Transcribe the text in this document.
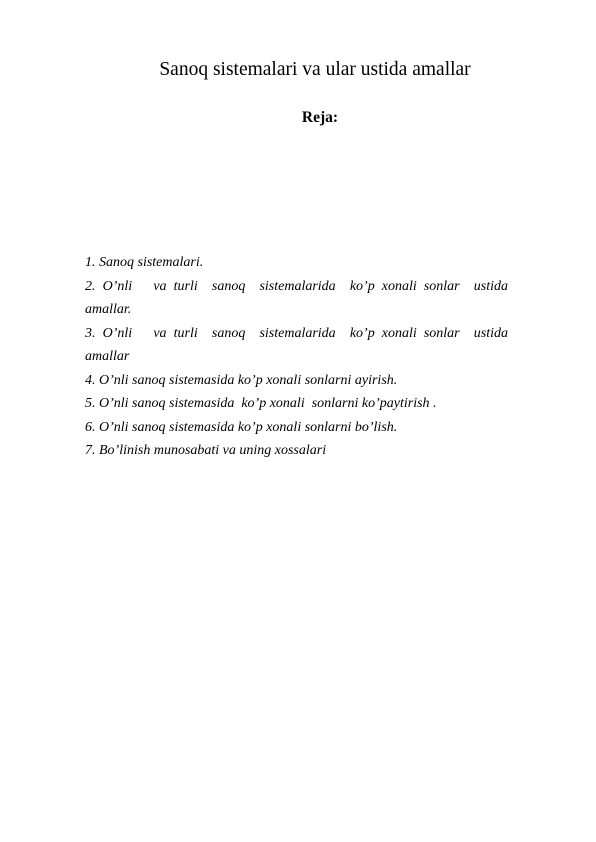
Sanoq sistemalari va ular ustida amallar
Reja:
1. Sanoq sistemalari.
2. O’nli   va turli  sanoq  sistemalarida  ko’p xonali sonlar  ustida
amallar.
3. O’nli   va turli  sanoq  sistemalarida  ko’p xonali sonlar  ustida
amallar
4. O’nli sanoq sistemasida ko’p xonali sonlarni ayirish.
5. O’nli sanoq sistemasida  ko’p xonali  sonlarni ko’paytirish .
6. O’nli sanoq sistemasida ko’p xonali sonlarni bo’lish.
7. Bo’linish munosabati va uning xossalari
